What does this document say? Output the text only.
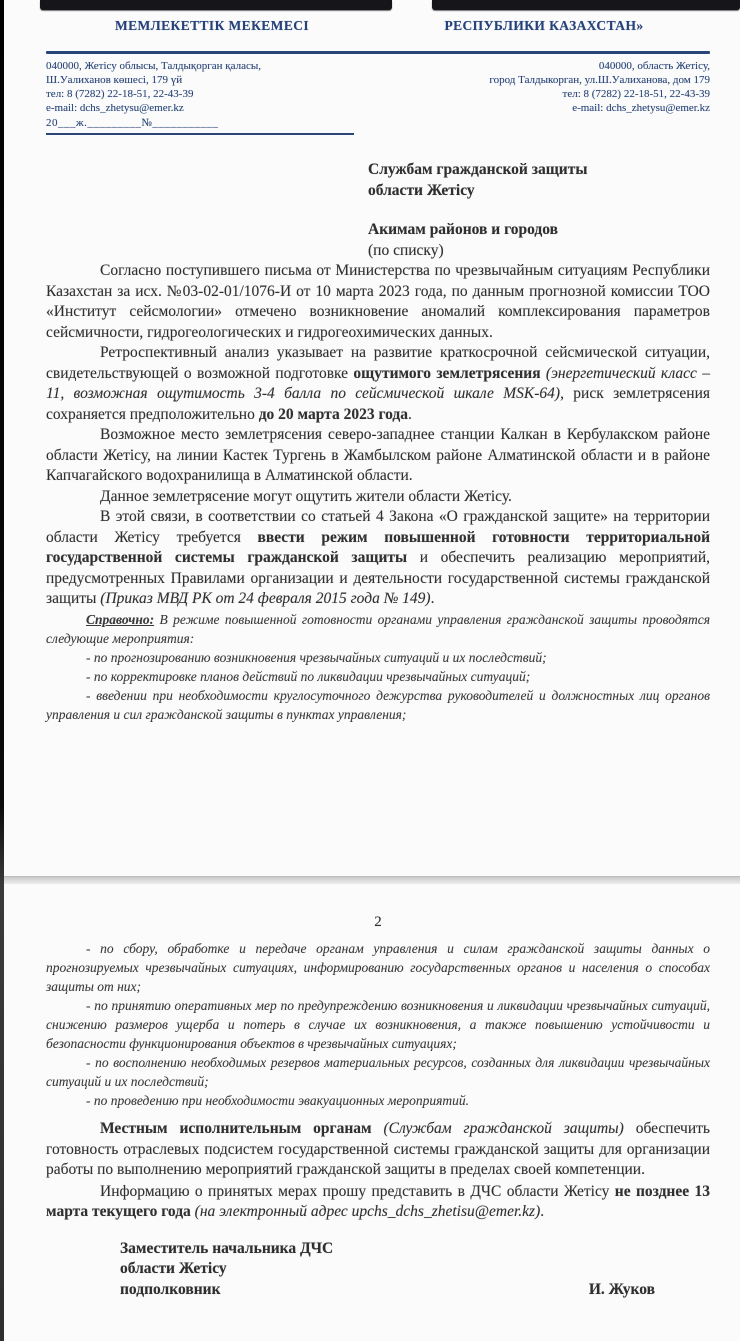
МЕМЛЕКЕТТІК МЕКЕМЕСІ	РЕСПУБЛИКИ КАЗАХСТАН»
040000, Жетісу облысы, Талдықорган қаласы,
Ш.Уалиханов көшесі, 179 үй
тел: 8 (7282) 22-18-51, 22-43-39
e-mail: dchs_zhetysu@emer.kz
20___ж._________№___________
040000, область Жетісу,
город Талдыкорган, ул.Ш.Уалиханова, дом 179
тел: 8 (7282) 22-18-51, 22-43-39
e-mail: dchs_zhetysu@emer.kz
Службам гражданской защиты
области Жетісу
Акимам районов и городов
(по списку)

Согласно поступившего письма от Министерства по чрезвычайным ситуациям Республики Казахстан за исх. №03-02-01/1076-И от 10 марта 2023 года, по данным прогнозной комиссии ТОО «Институт сейсмологии» отмечено возникновение аномалий комплексирования параметров сейсмичности, гидрогеологических и гидрогеохимических данных.

Ретроспективный анализ указывает на развитие краткосрочной сейсмической ситуации, свидетельствующей о возможной подготовке ощутимого землетрясения (энергетический класс – 11, возможная ощутимость 3-4 балла по сейсмической шкале MSK-64), риск землетрясения сохраняется предположительно до 20 марта 2023 года.

Возможное место землетрясения северо-западнее станции Калкан в Кербулакском районе области Жетісу, на линии Кастек Тургень в Жамбылском районе Алматинской области и в районе Капчагайского водохранилища в Алматинской области.

Данное землетрясение могут ощутить жители области Жетісу.

В этой связи, в соответствии со статьей 4 Закона «О гражданской защите» на территории области Жетісу требуется ввести режим повышенной готовности территориальной государственной системы гражданской защиты и обеспечить реализацию мероприятий, предусмотренных Правилами организации и деятельности государственной системы гражданской защиты (Приказ МВД РК от 24 февраля 2015 года № 149).

Справочно: В режиме повышенной готовности органами управления гражданской защиты проводятся следующие мероприятия:

- по прогнозированию возникновения чрезвычайных ситуаций и их последствий;
- по корректировке планов действий по ликвидации чрезвычайных ситуаций;
- введении при необходимости круглосуточного дежурства руководителей и должностных лиц органов управления и сил гражданской защиты в пунктах управления;
2
- по сбору, обработке и передаче органам управления и силам гражданской защиты данных о прогнозируемых чрезвычайных ситуациях, информированию государственных органов и населения о способах защиты от них;
- по принятию оперативных мер по предупреждению возникновения и ликвидации чрезвычайных ситуаций, снижению размеров ущерба и потерь в случае их возникновения, а также повышению устойчивости и безопасности функционирования объектов в чрезвычайных ситуациях;
- по восполнению необходимых резервов материальных ресурсов, созданных для ликвидации чрезвычайных ситуаций и их последствий;
- по проведению при необходимости эвакуационных мероприятий.

Местным исполнительным органам (Службам гражданской защиты) обеспечить готовность отраслевых подсистем государственной системы гражданской защиты для организации работы по выполнению мероприятий гражданской защиты в пределах своей компетенции.

Информацию о принятых мерах прошу представить в ДЧС области Жетісу не позднее 13 марта текущего года (на электронный адрес upchs_dchs_zhetisu@emer.kz).

Заместитель начальника ДЧС
области Жетісу
подполковник	И. Жуков
